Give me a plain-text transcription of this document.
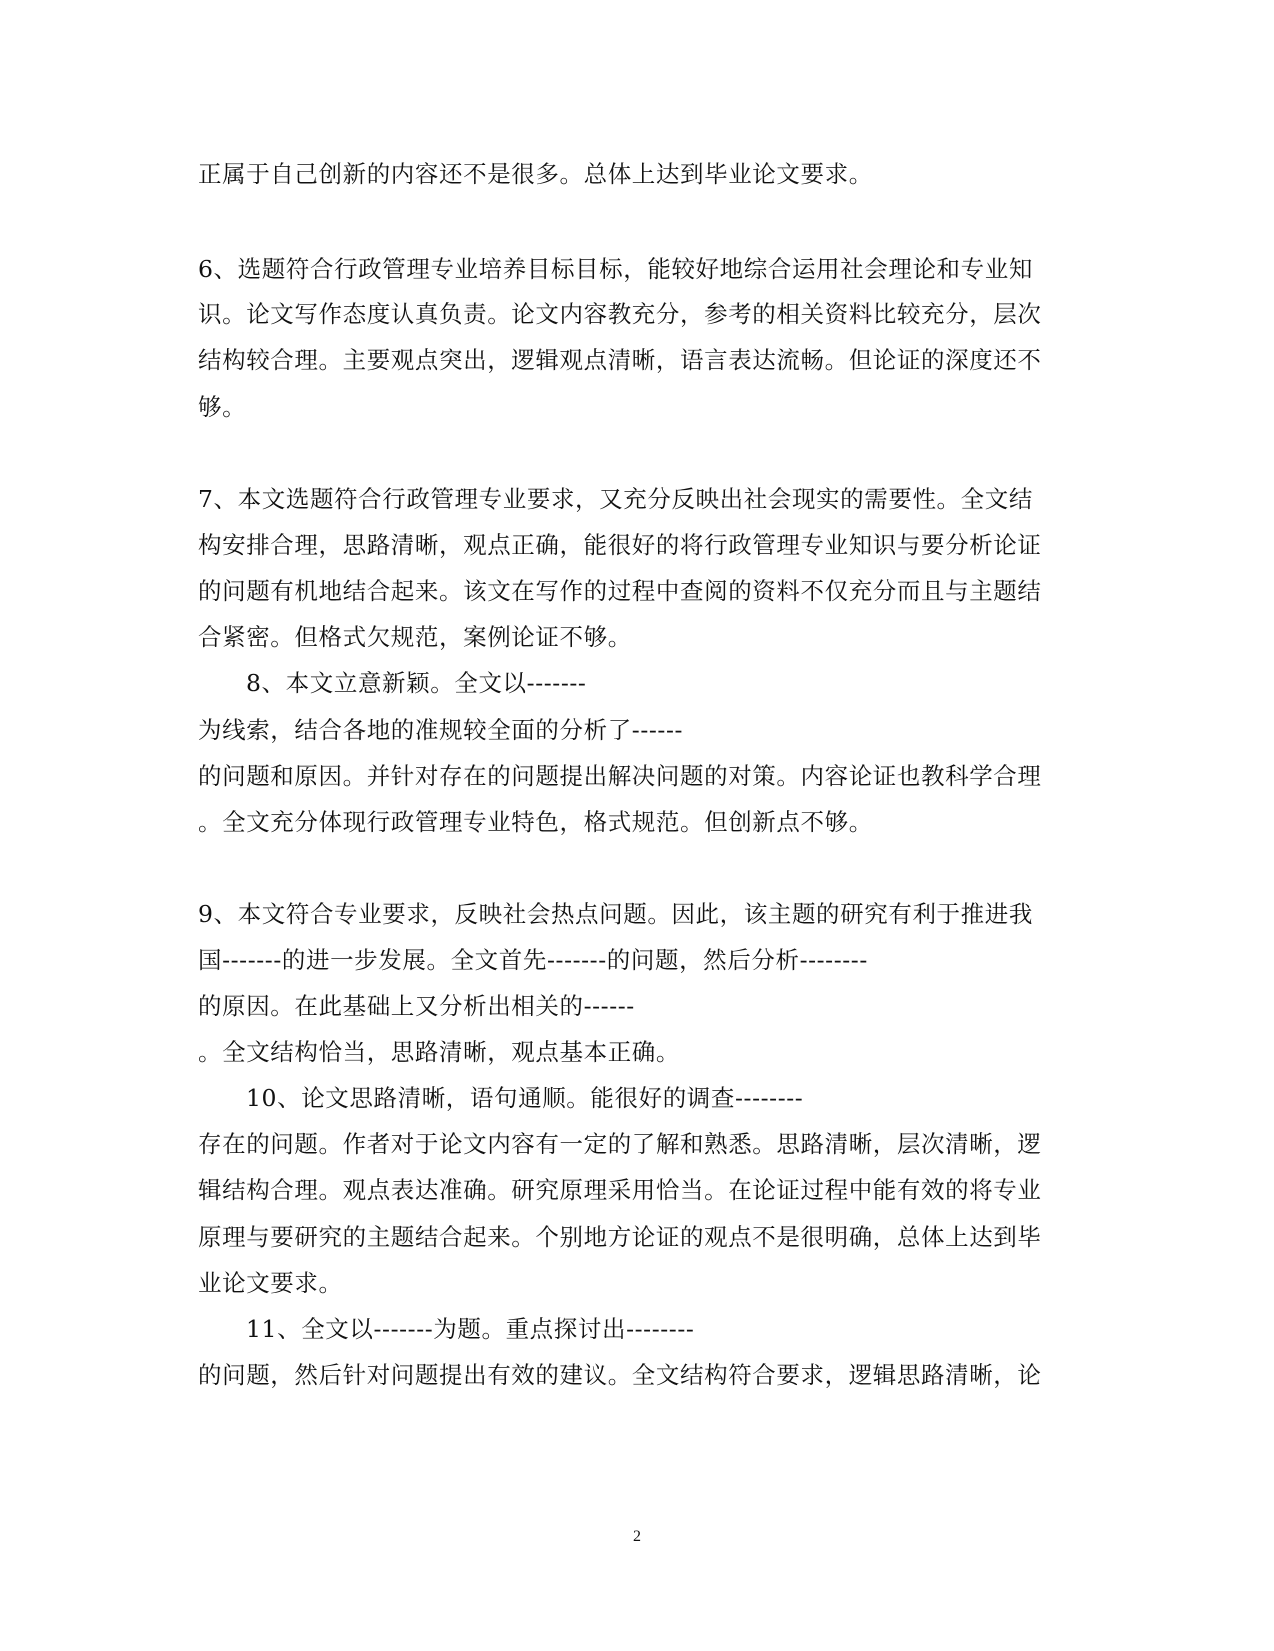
正属于自己创新的内容还不是很多。总体上达到毕业论文要求。
6、选题符合行政管理专业培养目标目标，能较好地综合运用社会理论和专业知
识。论文写作态度认真负责。论文内容教充分，参考的相关资料比较充分，层次
结构较合理。主要观点突出，逻辑观点清晰，语言表达流畅。但论证的深度还不
够。
7、本文选题符合行政管理专业要求，又充分反映出社会现实的需要性。全文结
构安排合理，思路清晰，观点正确，能很好的将行政管理专业知识与要分析论证
的问题有机地结合起来。该文在写作的过程中查阅的资料不仅充分而且与主题结
合紧密。但格式欠规范，案例论证不够。
8、本文立意新颖。全文以-------
为线索，结合各地的准规较全面的分析了------
的问题和原因。并针对存在的问题提出解决问题的对策。内容论证也教科学合理
。全文充分体现行政管理专业特色，格式规范。但创新点不够。
9、本文符合专业要求，反映社会热点问题。因此，该主题的研究有利于推进我
国-------的进一步发展。全文首先-------的问题，然后分析--------
的原因。在此基础上又分析出相关的------
。全文结构恰当，思路清晰，观点基本正确。
10、论文思路清晰，语句通顺。能很好的调查--------
存在的问题。作者对于论文内容有一定的了解和熟悉。思路清晰，层次清晰，逻
辑结构合理。观点表达准确。研究原理采用恰当。在论证过程中能有效的将专业
原理与要研究的主题结合起来。个别地方论证的观点不是很明确，总体上达到毕
业论文要求。
11、全文以-------为题。重点探讨出--------
的问题，然后针对问题提出有效的建议。全文结构符合要求，逻辑思路清晰，论
2
